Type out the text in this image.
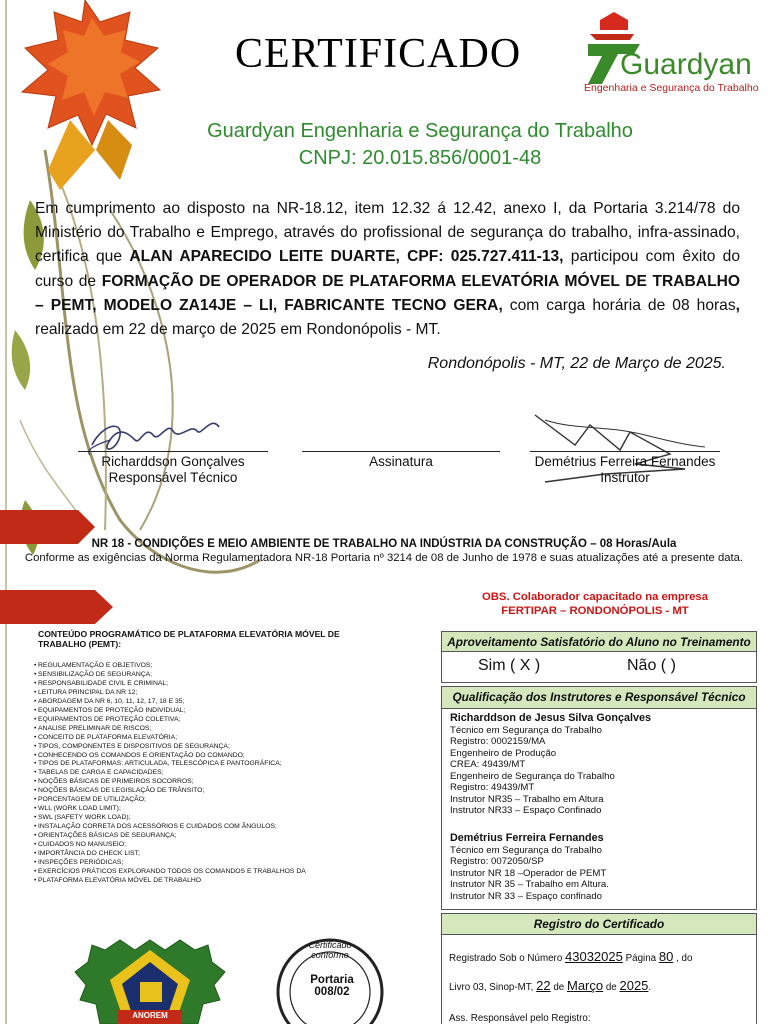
CERTIFICADO	Guardyan
Engenharia e Segurança do Trabalho
Guardyan Engenharia e Segurança do Trabalho
CNPJ: 20.015.856/0001-48
Em cumprimento ao disposto na NR-18.12, item 12.32 á 12.42, anexo I, da Portaria 3.214/78 do Ministério do Trabalho e Emprego, através do profissional de segurança do trabalho, infra-assinado, certifica que ALAN APARECIDO LEITE DUARTE, CPF: 025.727.411-13, participou com êxito do curso de FORMAÇÃO DE OPERADOR DE PLATAFORMA ELEVATÓRIA MÓVEL DE TRABALHO – PEMT, MODELO ZA14JE – LI, FABRICANTE TECNO GERA, com carga horária de 08 horas, realizado em 22 de março de 2025 em Rondonópolis - MT.
Rondonópolis - MT, 22 de Março de 2025.
Richarddson Gonçalves
Responsável Técnico
Assinatura	Demétrius Ferreira Fernandes
Instrutor
NR 18 - CONDIÇÕES E MEIO AMBIENTE DE TRABALHO NA INDÚSTRIA DA CONSTRUÇÃO – 08 Horas/Aula
Conforme as exigências da Norma Regulamentadora NR-18 Portaria nº 3214 de 08 de Junho de 1978 e suas atualizações até a presente data.
OBS. Colaborador capacitado na empresa
FERTIPAR – RONDONÓPOLIS - MT
CONTEÚDO PROGRAMÁTICO DE PLATAFORMA ELEVATÓRIA MÓVEL DE TRABALHO (PEMT):
• REGULAMENTAÇÃO E OBJETIVOS;
• SENSIBILIZAÇÃO DE SEGURANÇA;
• RESPONSABILIDADE CIVIL E CRIMINAL;
• LEITURA PRINCIPAL DA NR 12;
• ABORDAGEM DA NR 6, 10, 11, 12, 17, 18 E 35;
• EQUIPAMENTOS DE PROTEÇÃO INDIVIDUAL;
• EQUIPAMENTOS DE PROTEÇÃO COLETIVA;
• ANALISE PRELIMINAR DE RISCOS;
• CONCEITO DE PLATAFORMA ELEVATÓRIA;
• TIPOS, COMPONENTES E DISPOSITIVOS DE SEGURANÇA;
• CONHECENDO OS COMANDOS E ORIENTAÇÃO DO COMANDO;
• TIPOS DE PLATAFORMAS: ARTICULADA, TELESCÓPICA E PANTOGRÁFICA;
• TABELAS DE CARGA E CAPACIDADES;
• NOÇÕES BÁSICAS DE PRIMEIROS SOCORROS;
• NOÇÕES BÁSICAS DE LEGISLAÇÃO DE TRÂNSITO;
• PORCENTAGEM DE UTILIZAÇÃO;
• WLL (WORK LOAD LIMIT);
• SWL (SAFETY WORK LOAD);
• INSTALAÇÃO CORRETA DOS ACESSÓRIOS E CUIDADOS COM ÂNGULOS;
• ORIENTAÇÕES BÁSICAS DE SEGURANÇA;
• CUIDADOS NO MANUSEIO;
• IMPORTÂNCIA DO CHECK LIST;
• INSPEÇÕES PERIÓDICAS;
• EXERCÍCIOS PRÁTICOS EXPLORANDO TODOS OS COMANDOS E TRABALHOS DA
• PLATAFORMA ELEVATÓRIA MÓVEL DE TRABALHO
Aproveitamento Satisfatório do Aluno no Treinamento
Sim ( X )	Não ( )
Qualificação dos Instrutores e Responsável Técnico
Richarddson de Jesus Silva Gonçalves
Técnico em Segurança do Trabalho
Registro: 0002159/MA
Engenheiro de Produção
CREA: 49439/MT
Engenheiro de Segurança do Trabalho
Registro: 49439/MT
Instrutor NR35 – Trabalho em Altura
Instrutor NR33 – Espaço Confinado
Demétrius Ferreira Fernandes
Técnico em Segurança do Trabalho
Registro: 0072050/SP
Instrutor NR 18 –Operador de PEMT
Instrutor NR 35 – Trabalho em Altura.
Instrutor NR 33 – Espaço confinado
Registro do Certificado
Registrado Sob o Número 43032025 Página 80 , do
Livro 03, Sinop-MT, 22 de Março de 2025.
Ass. Responsável pelo Registro:
Portaria 008/02
Certificado conforme
ANOREM
